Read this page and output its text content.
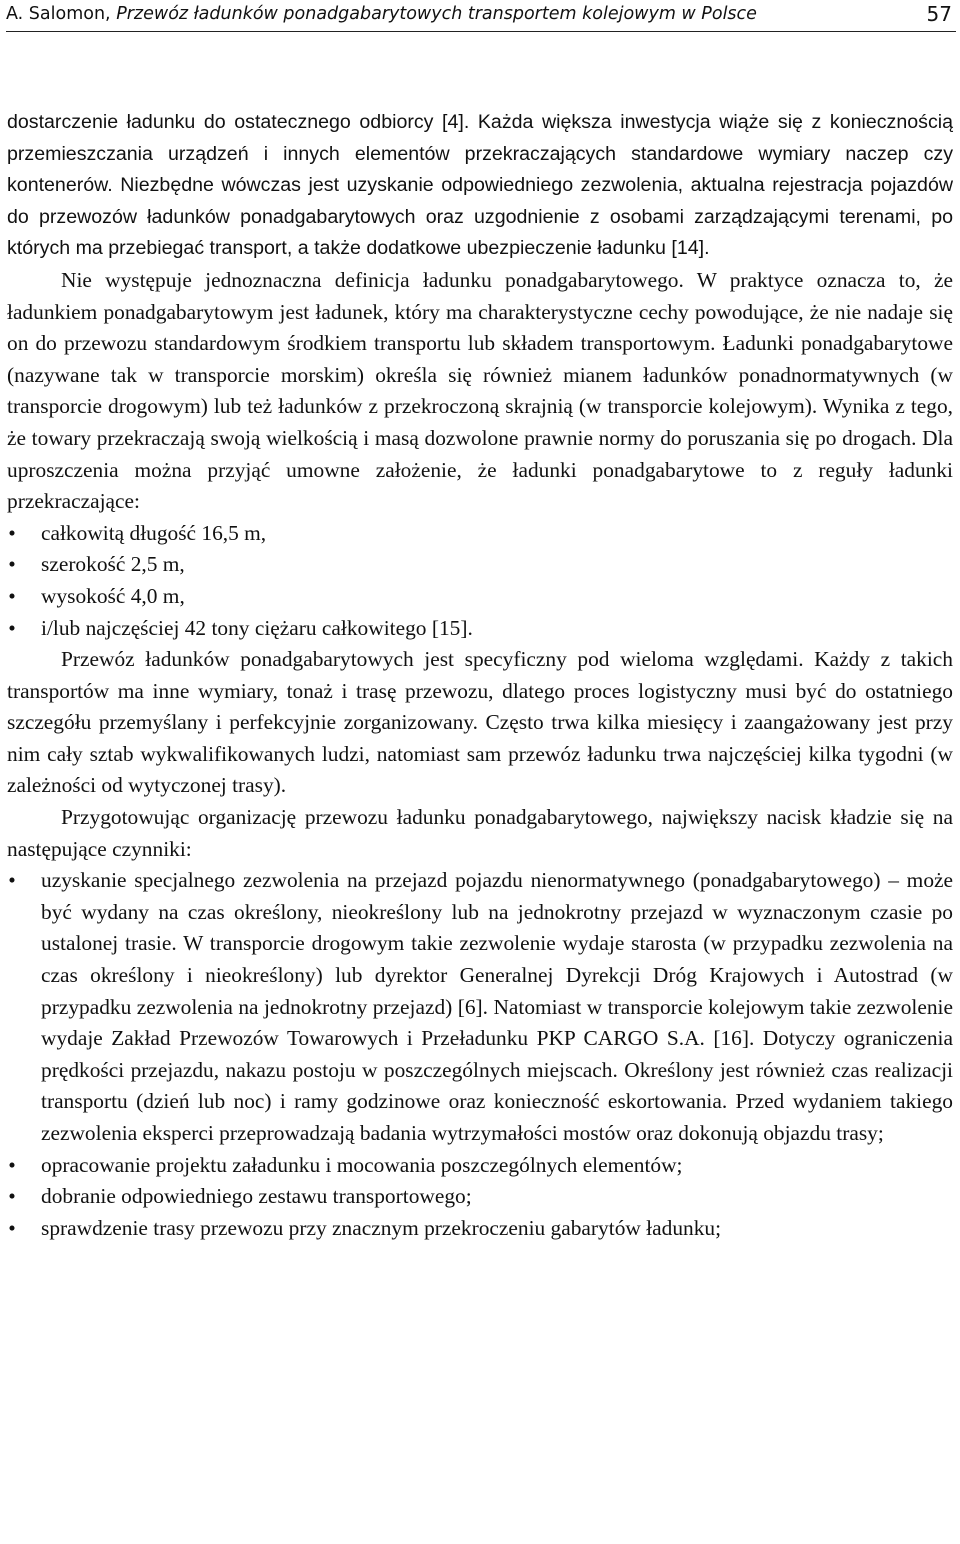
A. Salomon, Przewóz ładunków ponadgabarytowych transportem kolejowym w Polsce	57

dostarczenie ładunku do ostatecznego odbiorcy [4]. Każda większa inwestycja wiąże się z koniecznością przemieszczania urządzeń i innych elementów przekraczających standardowe wymiary naczep czy kontenerów. Niezbędne wówczas jest uzyskanie odpowiedniego zezwolenia, aktualna rejestracja pojazdów do przewozów ładunków ponadgabarytowych oraz uzgodnienie z osobami zarządzającymi terenami, po których ma przebiegać transport, a także dodatkowe ubezpieczenie ładunku [14].

Nie występuje jednoznaczna definicja ładunku ponadgabarytowego. W praktyce oznacza to, że ładunkiem ponadgabarytowym jest ładunek, który ma charakterystyczne cechy powodujące, że nie nadaje się on do przewozu standardowym środkiem transportu lub składem transportowym. Ładunki ponadgabarytowe (nazywane tak w transporcie morskim) określa się również mianem ładunków ponadnormatywnych (w transporcie drogowym) lub też ładunków z przekroczoną skrajnią (w transporcie kolejowym). Wynika z tego, że towary przekraczają swoją wielkością i masą dozwolone prawnie normy do poruszania się po drogach. Dla uproszczenia można przyjąć umowne założenie, że ładunki ponadgabarytowe to z reguły ładunki przekraczające:

•
całkowitą długość 16,5 m,
•
szerokość 2,5 m,
•
wysokość 4,0 m,
•
i/lub najczęściej 42 tony ciężaru całkowitego [15].

Przewóz ładunków ponadgabarytowych jest specyficzny pod wieloma względami. Każdy z takich transportów ma inne wymiary, tonaż i trasę przewozu, dlatego proces logistyczny musi być do ostatniego szczegółu przemyślany i perfekcyjnie zorganizowany. Często trwa kilka miesięcy i zaangażowany jest przy nim cały sztab wykwalifikowanych ludzi, natomiast sam przewóz ładunku trwa najczęściej kilka tygodni (w zależności od wytyczonej trasy).

Przygotowując organizację przewozu ładunku ponadgabarytowego, największy nacisk kładzie się na następujące czynniki:

•
uzyskanie specjalnego zezwolenia na przejazd pojazdu nienormatywnego (ponadgabarytowego) – może być wydany na czas określony, nieokreślony lub na jednokrotny przejazd w wyznaczonym czasie po ustalonej trasie. W transporcie drogowym takie zezwolenie wydaje starosta (w przypadku zezwolenia na czas określony i nieokreślony) lub dyrektor Generalnej Dyrekcji Dróg Krajowych i Autostrad (w przypadku zezwolenia na jednokrotny przejazd) [6]. Natomiast w transporcie kolejowym takie zezwolenie wydaje Zakład Przewozów Towarowych i Przeładunku PKP CARGO S.A. [16]. Dotyczy ograniczenia prędkości przejazdu, nakazu postoju w poszczególnych miejscach. Określony jest również czas realizacji transportu (dzień lub noc) i ramy godzinowe oraz konieczność eskortowania. Przed wydaniem takiego zezwolenia eksperci przeprowadzają badania wytrzymałości mostów oraz dokonują objazdu trasy;
•
opracowanie projektu załadunku i mocowania poszczególnych elementów;
•
dobranie odpowiedniego zestawu transportowego;
•
sprawdzenie trasy przewozu przy znacznym przekroczeniu gabarytów ładunku;
